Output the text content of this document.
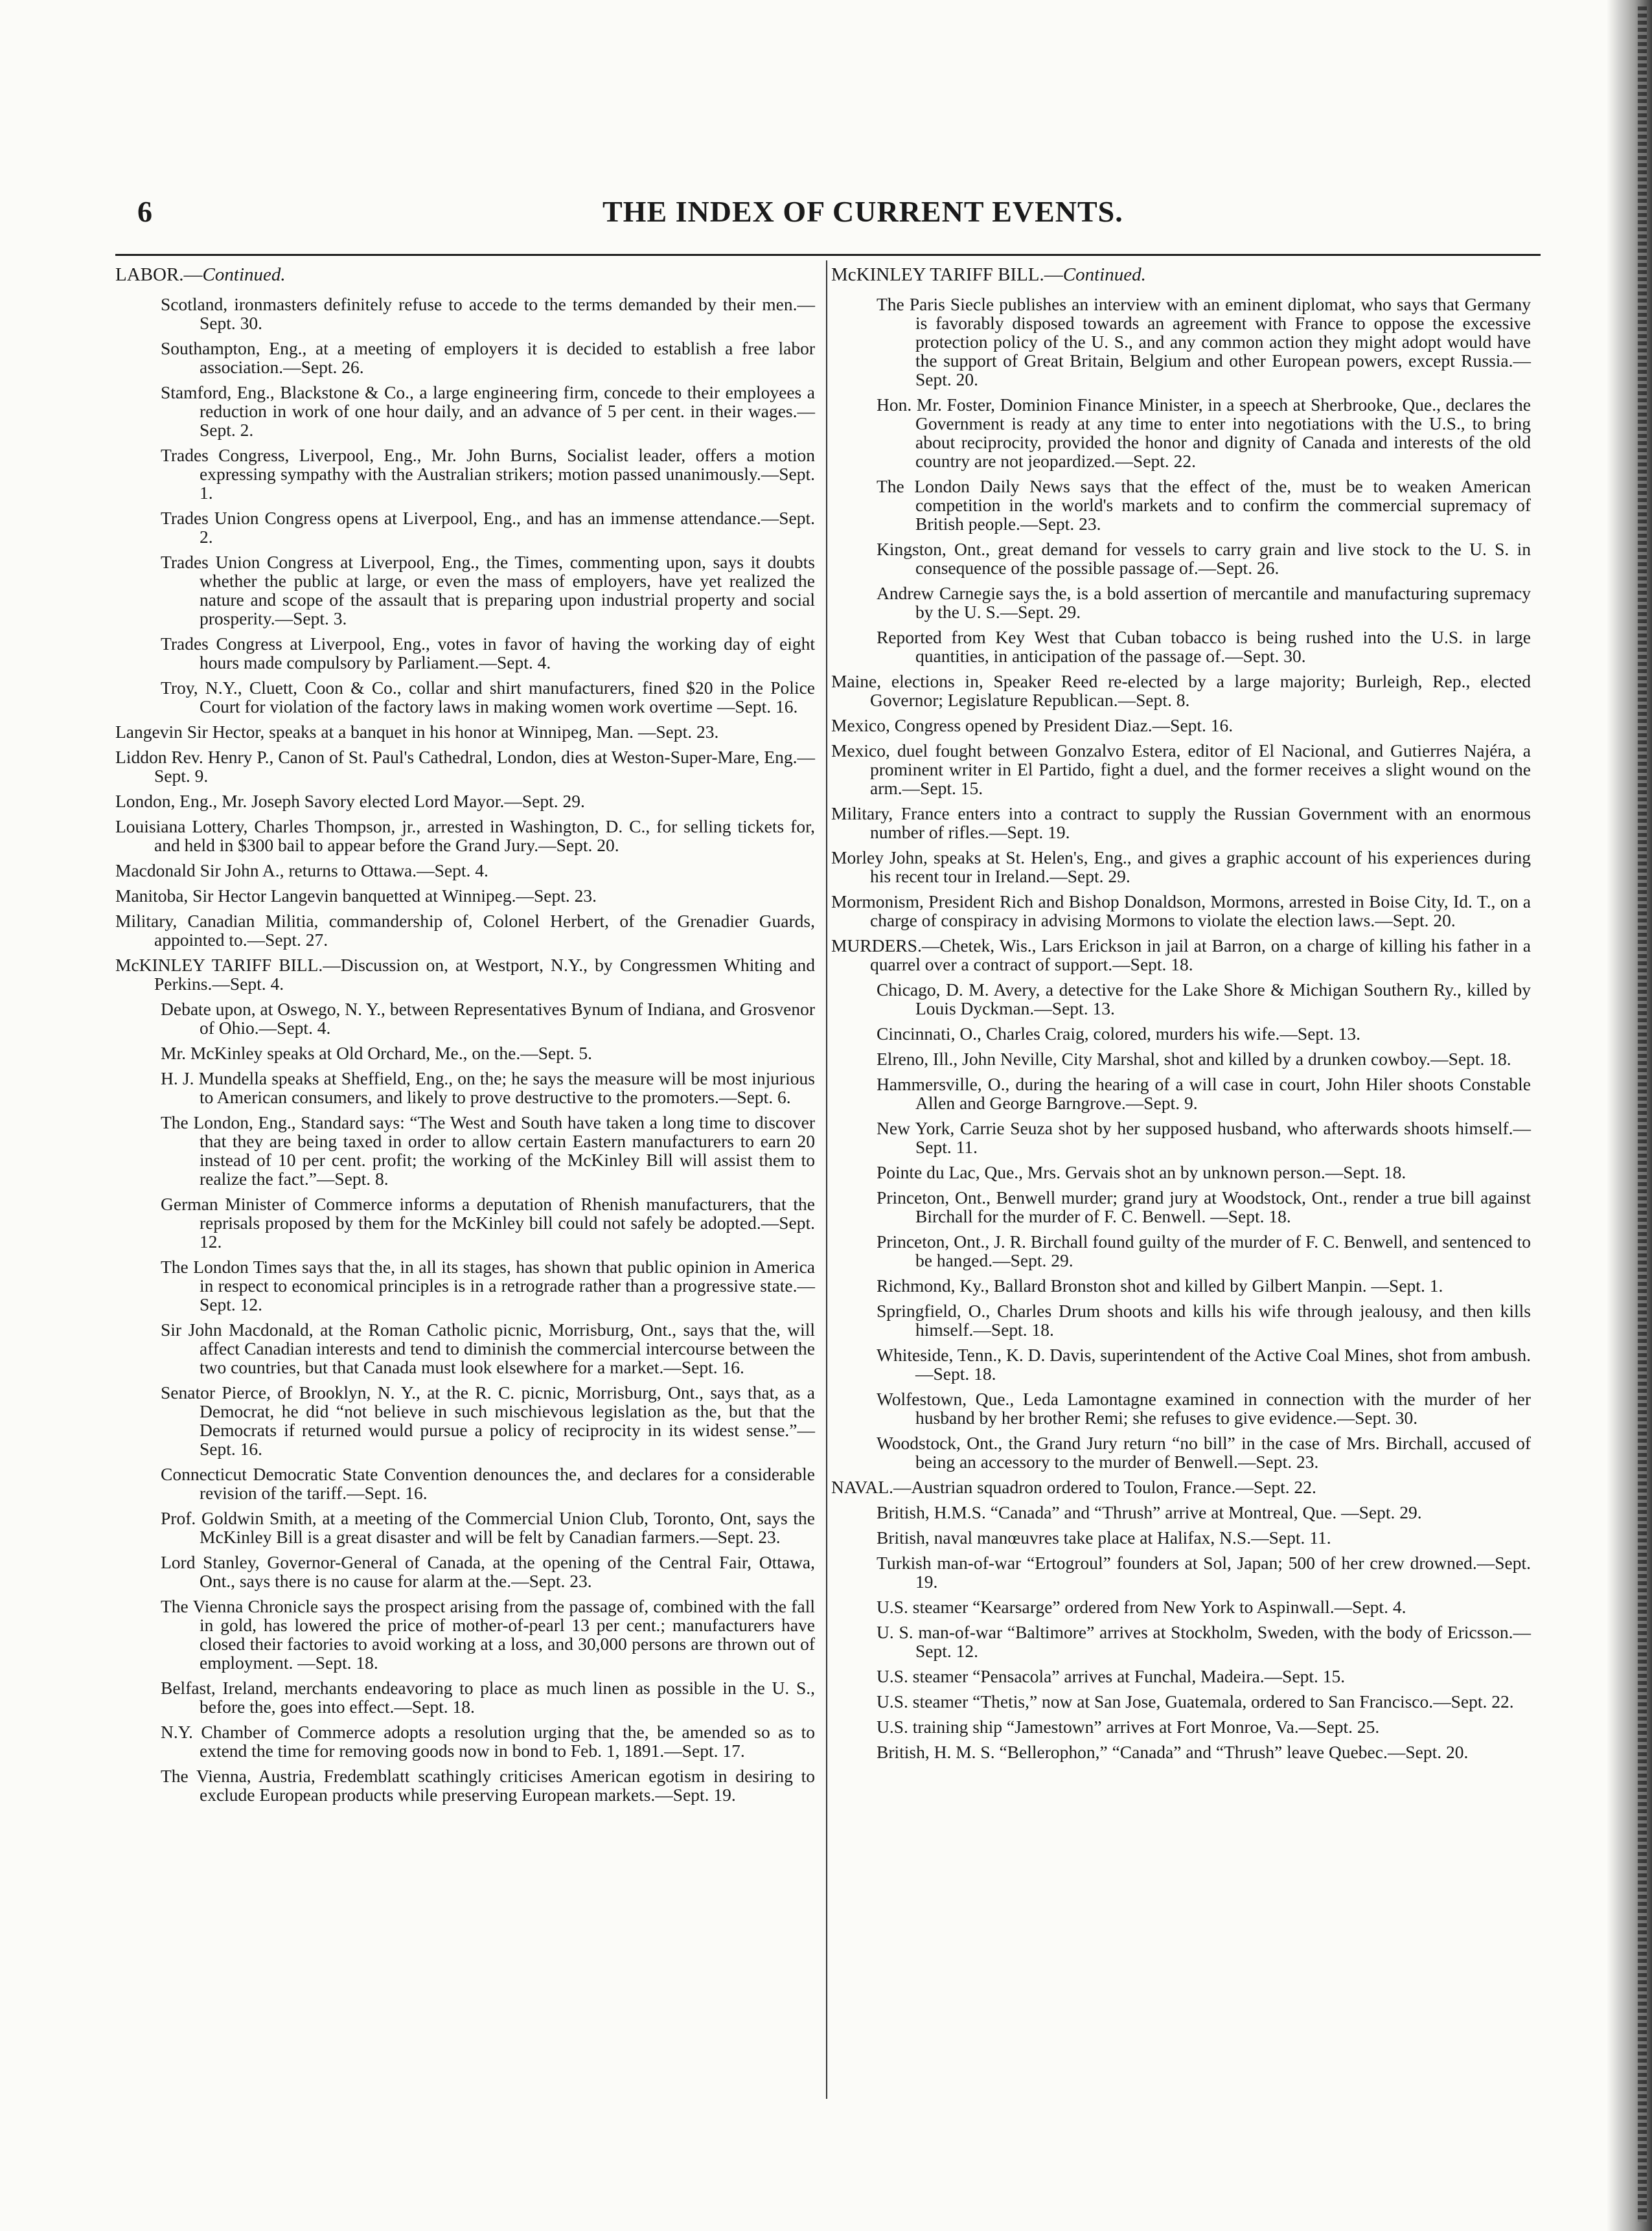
6	THE INDEX OF CURRENT EVENTS.
LABOR.—Continued.
Scotland, ironmasters definitely refuse to accede to the terms demanded by their men.—Sept. 30.
Southampton, Eng., at a meeting of employers it is decided to establish a free labor association.—Sept. 26.
Stamford, Eng., Blackstone & Co., a large engineering firm, concede to their employees a reduction in work of one hour daily, and an advance of 5 per cent. in their wages.—Sept. 2.
Trades Congress, Liverpool, Eng., Mr. John Burns, Socialist leader, offers a motion expressing sympathy with the Australian strikers; motion passed unanimously.—Sept. 1.
Trades Union Congress opens at Liverpool, Eng., and has an immense attendance.—Sept. 2.
Trades Union Congress at Liverpool, Eng., the Times, commenting upon, says it doubts whether the public at large, or even the mass of employers, have yet realized the nature and scope of the assault that is preparing upon industrial property and social prosperity.—Sept. 3.
Trades Congress at Liverpool, Eng., votes in favor of having the working day of eight hours made compulsory by Parliament.—Sept. 4.
Troy, N.Y., Cluett, Coon & Co., collar and shirt manufacturers, fined $20 in the Police Court for violation of the factory laws in making women work overtime —Sept. 16.
Langevin Sir Hector, speaks at a banquet in his honor at Winnipeg, Man. —Sept. 23.
Liddon Rev. Henry P., Canon of St. Paul's Cathedral, London, dies at Weston-Super-Mare, Eng.—Sept. 9.
London, Eng., Mr. Joseph Savory elected Lord Mayor.—Sept. 29.
Louisiana Lottery, Charles Thompson, jr., arrested in Washington, D. C., for selling tickets for, and held in $300 bail to appear before the Grand Jury.—Sept. 20.
Macdonald Sir John A., returns to Ottawa.—Sept. 4.
Manitoba, Sir Hector Langevin banquetted at Winnipeg.—Sept. 23.
Military, Canadian Militia, commandership of, Colonel Herbert, of the Grenadier Guards, appointed to.—Sept. 27.
McKINLEY TARIFF BILL.—Discussion on, at Westport, N.Y., by Congressmen Whiting and Perkins.—Sept. 4.
Debate upon, at Oswego, N. Y., between Representatives Bynum of Indiana, and Grosvenor of Ohio.—Sept. 4.
Mr. McKinley speaks at Old Orchard, Me., on the.—Sept. 5.
H. J. Mundella speaks at Sheffield, Eng., on the; he says the measure will be most injurious to American consumers, and likely to prove destructive to the promoters.—Sept. 6.
The London, Eng., Standard says: “The West and South have taken a long time to discover that they are being taxed in order to allow certain Eastern manufacturers to earn 20 instead of 10 per cent. profit; the working of the McKinley Bill will assist them to realize the fact.”—Sept. 8.
German Minister of Commerce informs a deputation of Rhenish manufacturers, that the reprisals proposed by them for the McKinley bill could not safely be adopted.—Sept. 12.
The London Times says that the, in all its stages, has shown that public opinion in America in respect to economical principles is in a retrograde rather than a progressive state.—Sept. 12.
Sir John Macdonald, at the Roman Catholic picnic, Morrisburg, Ont., says that the, will affect Canadian interests and tend to diminish the commercial intercourse between the two countries, but that Canada must look elsewhere for a market.—Sept. 16.
Senator Pierce, of Brooklyn, N. Y., at the R. C. picnic, Morrisburg, Ont., says that, as a Democrat, he did “not believe in such mischievous legislation as the, but that the Democrats if returned would pursue a policy of reciprocity in its widest sense.”—Sept. 16.
Connecticut Democratic State Convention denounces the, and declares for a considerable revision of the tariff.—Sept. 16.
Prof. Goldwin Smith, at a meeting of the Commercial Union Club, Toronto, Ont, says the McKinley Bill is a great disaster and will be felt by Canadian farmers.—Sept. 23.
Lord Stanley, Governor-General of Canada, at the opening of the Central Fair, Ottawa, Ont., says there is no cause for alarm at the.—Sept. 23.
The Vienna Chronicle says the prospect arising from the passage of, combined with the fall in gold, has lowered the price of mother-of-pearl 13 per cent.; manufacturers have closed their factories to avoid working at a loss, and 30,000 persons are thrown out of employment. —Sept. 18.
Belfast, Ireland, merchants endeavoring to place as much linen as possible in the U. S., before the, goes into effect.—Sept. 18.
N.Y. Chamber of Commerce adopts a resolution urging that the, be amended so as to extend the time for removing goods now in bond to Feb. 1, 1891.—Sept. 17.
The Vienna, Austria, Fredemblatt scathingly criticises American egotism in desiring to exclude European products while preserving European markets.—Sept. 19.
McKINLEY TARIFF BILL.—Continued.
The Paris Siecle publishes an interview with an eminent diplomat, who says that Germany is favorably disposed towards an agreement with France to oppose the excessive protection policy of the U. S., and any common action they might adopt would have the support of Great Britain, Belgium and other European powers, except Russia.—Sept. 20.
Hon. Mr. Foster, Dominion Finance Minister, in a speech at Sherbrooke, Que., declares the Government is ready at any time to enter into negotiations with the U.S., to bring about reciprocity, provided the honor and dignity of Canada and interests of the old country are not jeopardized.—Sept. 22.
The London Daily News says that the effect of the, must be to weaken American competition in the world's markets and to confirm the commercial supremacy of British people.—Sept. 23.
Kingston, Ont., great demand for vessels to carry grain and live stock to the U. S. in consequence of the possible passage of.—Sept. 26.
Andrew Carnegie says the, is a bold assertion of mercantile and manufacturing supremacy by the U. S.—Sept. 29.
Reported from Key West that Cuban tobacco is being rushed into the U.S. in large quantities, in anticipation of the passage of.—Sept. 30.
Maine, elections in, Speaker Reed re-elected by a large majority; Burleigh, Rep., elected Governor; Legislature Republican.—Sept. 8.
Mexico, Congress opened by President Diaz.—Sept. 16.
Mexico, duel fought between Gonzalvo Estera, editor of El Nacional, and Gutierres Najéra, a prominent writer in El Partido, fight a duel, and the former receives a slight wound on the arm.—Sept. 15.
Military, France enters into a contract to supply the Russian Government with an enormous number of rifles.—Sept. 19.
Morley John, speaks at St. Helen's, Eng., and gives a graphic account of his experiences during his recent tour in Ireland.—Sept. 29.
Mormonism, President Rich and Bishop Donaldson, Mormons, arrested in Boise City, Id. T., on a charge of conspiracy in advising Mormons to violate the election laws.—Sept. 20.
MURDERS.—Chetek, Wis., Lars Erickson in jail at Barron, on a charge of killing his father in a quarrel over a contract of support.—Sept. 18.
Chicago, D. M. Avery, a detective for the Lake Shore & Michigan Southern Ry., killed by Louis Dyckman.—Sept. 13.
Cincinnati, O., Charles Craig, colored, murders his wife.—Sept. 13.
Elreno, Ill., John Neville, City Marshal, shot and killed by a drunken cowboy.—Sept. 18.
Hammersville, O., during the hearing of a will case in court, John Hiler shoots Constable Allen and George Barngrove.—Sept. 9.
New York, Carrie Seuza shot by her supposed husband, who afterwards shoots himself.—Sept. 11.
Pointe du Lac, Que., Mrs. Gervais shot an by unknown person.—Sept. 18.
Princeton, Ont., Benwell murder; grand jury at Woodstock, Ont., render a true bill against Birchall for the murder of F. C. Benwell. —Sept. 18.
Princeton, Ont., J. R. Birchall found guilty of the murder of F. C. Benwell, and sentenced to be hanged.—Sept. 29.
Richmond, Ky., Ballard Bronston shot and killed by Gilbert Manpin. —Sept. 1.
Springfield, O., Charles Drum shoots and kills his wife through jealousy, and then kills himself.—Sept. 18.
Whiteside, Tenn., K. D. Davis, superintendent of the Active Coal Mines, shot from ambush.—Sept. 18.
Wolfestown, Que., Leda Lamontagne examined in connection with the murder of her husband by her brother Remi; she refuses to give evidence.—Sept. 30.
Woodstock, Ont., the Grand Jury return “no bill” in the case of Mrs. Birchall, accused of being an accessory to the murder of Benwell.—Sept. 23.
NAVAL.—Austrian squadron ordered to Toulon, France.—Sept. 22.
British, H.M.S. “Canada” and “Thrush” arrive at Montreal, Que. —Sept. 29.
British, naval manœuvres take place at Halifax, N.S.—Sept. 11.
Turkish man-of-war “Ertogroul” founders at Sol, Japan; 500 of her crew drowned.—Sept. 19.
U.S. steamer “Kearsarge” ordered from New York to Aspinwall.—Sept. 4.
U. S. man-of-war “Baltimore” arrives at Stockholm, Sweden, with the body of Ericsson.—Sept. 12.
U.S. steamer “Pensacola” arrives at Funchal, Madeira.—Sept. 15.
U.S. steamer “Thetis,” now at San Jose, Guatemala, ordered to San Francisco.—Sept. 22.
U.S. training ship “Jamestown” arrives at Fort Monroe, Va.—Sept. 25.
British, H. M. S. “Bellerophon,” “Canada” and “Thrush” leave Quebec.—Sept. 20.
